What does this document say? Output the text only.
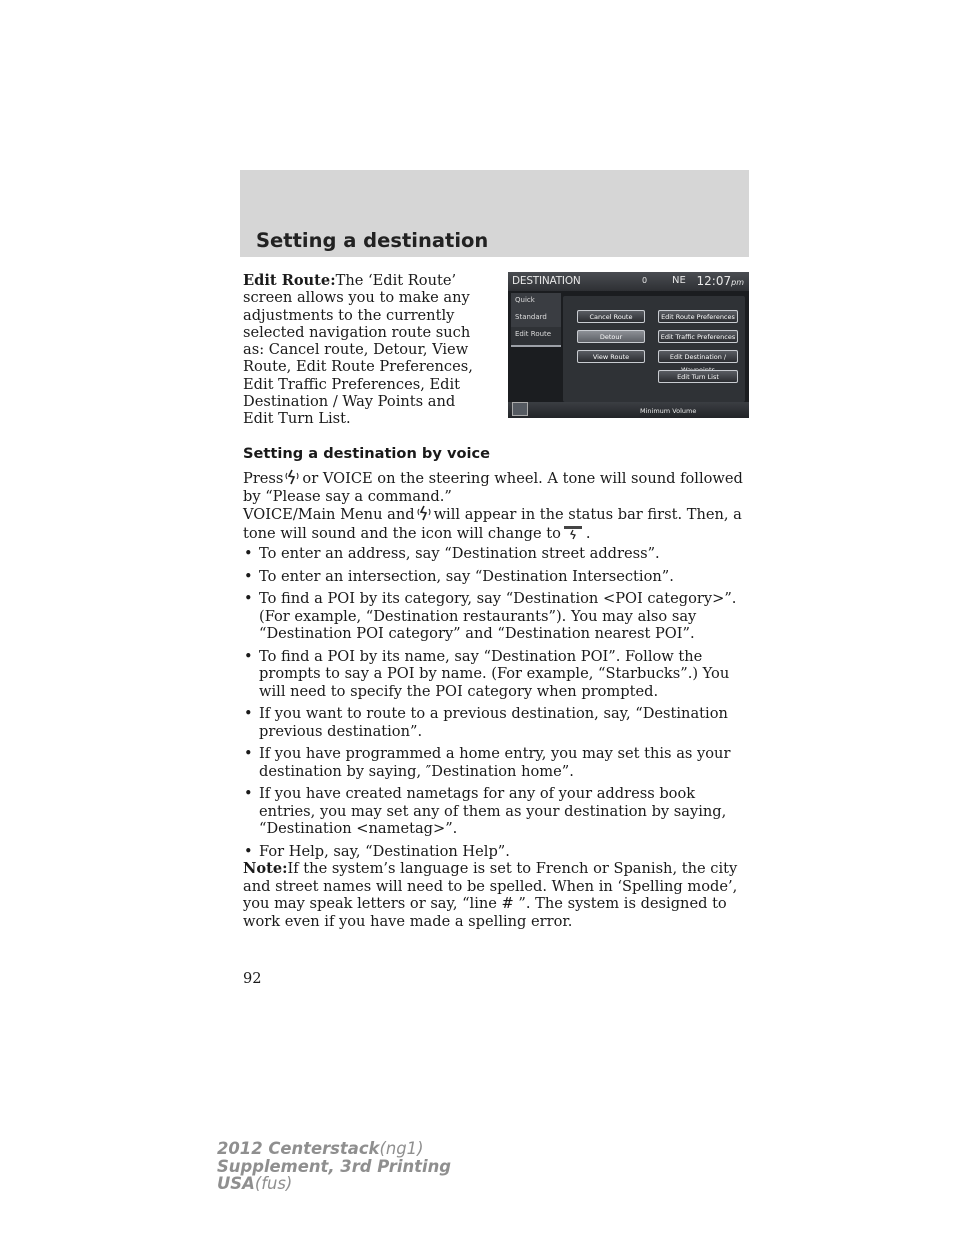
Setting a destination
Edit Route:The ‘Edit Route’ screen allows you to make any adjustments to the currently selected navigation route such as: Cancel route, Detour, View Route, Edit Route Preferences, Edit Traffic Preferences, Edit Destination / Way Points and Edit Turn List.
DESTINATION	0 NE 12:07pm
Quick
Standard
Edit Route
Cancel Route
Detour
View Route
Edit Route Preferences
Edit Traffic Preferences
Edit Destination /
Edit Turn List
Minimum Volume
Setting a destination by voice
Press or VOICE on the steering wheel. A tone will sound followed by “Please say a command.”
VOICE/Main Menu and will appear in the status bar first. Then, a tone will sound and the icon will change to .
• To enter an address, say “Destination street address”.
• To enter an intersection, say “Destination Intersection”.
• To find a POI by its category, say “Destination <POI category>”. (For example, “Destination restaurants”). You may also say “Destination POI category” and “Destination nearest POI”.
• To find a POI by its name, say “Destination POI”. Follow the prompts to say a POI by name. (For example, “Starbucks”.) You will need to specify the POI category when prompted.
• If you want to route to a previous destination, say, “Destination previous destination”.
• If you have programmed a home entry, you may set this as your destination by saying, ″Destination home”.
• If you have created nametags for any of your address book entries, you may set any of them as your destination by saying, “Destination <nametag>”.
• For Help, say, “Destination Help”.
Note:If the system’s language is set to French or Spanish, the city and street names will need to be spelled. When in ‘Spelling mode’, you may speak letters or say, “line # ”. The system is designed to work even if you have made a spelling error.
92
2012 Centerstack(ng1)
Supplement, 3rd Printing
USA(fus)
